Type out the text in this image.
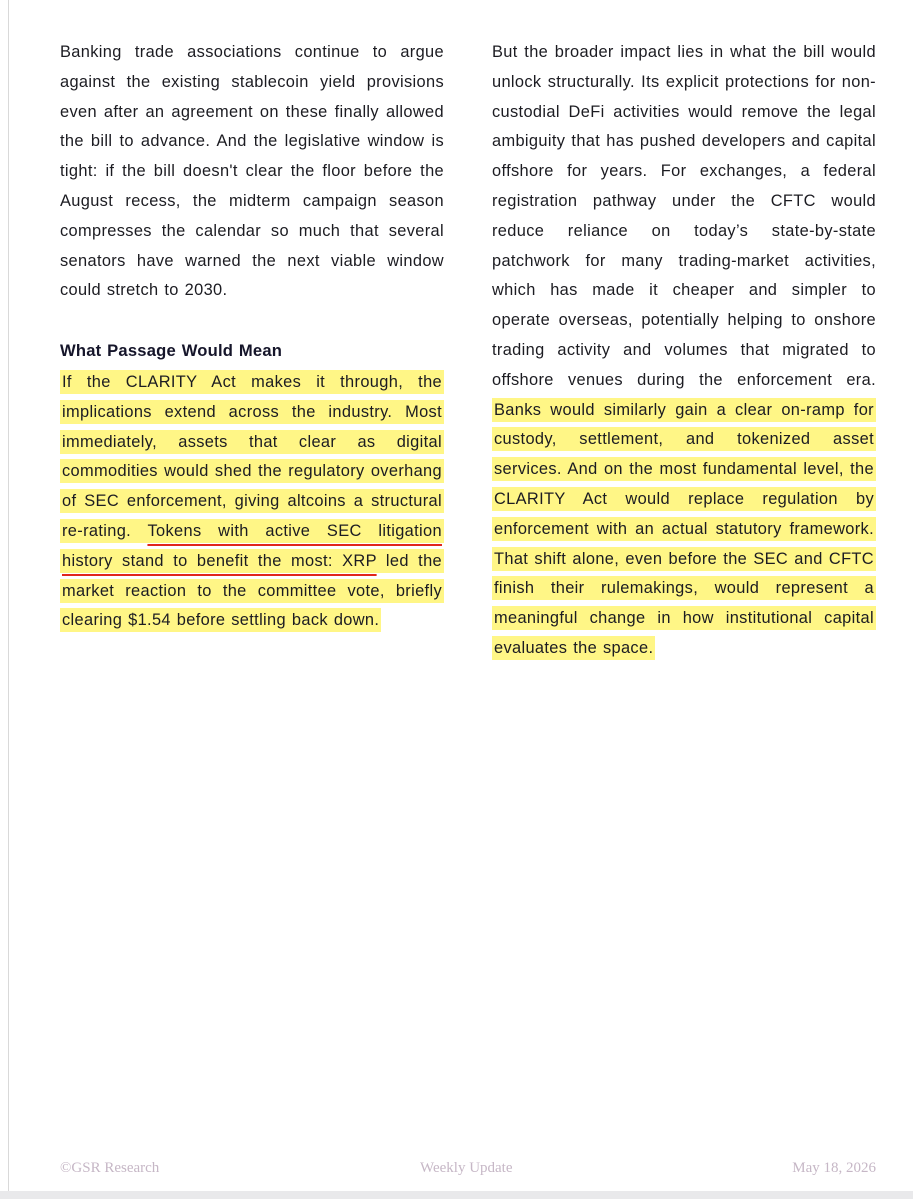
Banking trade associations continue to argue against the existing stablecoin yield provisions even after an agreement on these finally allowed the bill to advance. And the legislative window is tight: if the bill doesn't clear the floor before the August recess, the midterm campaign season compresses the calendar so much that several senators have warned the next viable window could stretch to 2030.

What Passage Would Mean

If the CLARITY Act makes it through, the implications extend across the industry. Most immediately, assets that clear as digital commodities would shed the regulatory overhang of SEC enforcement, giving altcoins a structural re-rating. Tokens with active SEC litigation history stand to benefit the most: XRP led the market reaction to the committee vote, briefly clearing $1.54 before settling back down.

But the broader impact lies in what the bill would unlock structurally. Its explicit protections for non-custodial DeFi activities would remove the legal ambiguity that has pushed developers and capital offshore for years. For exchanges, a federal registration pathway under the CFTC would reduce reliance on today’s state-by-state patchwork for many trading-market activities, which has made it cheaper and simpler to operate overseas, potentially helping to onshore trading activity and volumes that migrated to offshore venues during the enforcement era. Banks would similarly gain a clear on-ramp for custody, settlement, and tokenized asset services. And on the most fundamental level, the CLARITY Act would replace regulation by enforcement with an actual statutory framework. That shift alone, even before the SEC and CFTC finish their rulemakings, would represent a meaningful change in how institutional capital evaluates the space.

©GSR Research	Weekly Update	May 18, 2026
